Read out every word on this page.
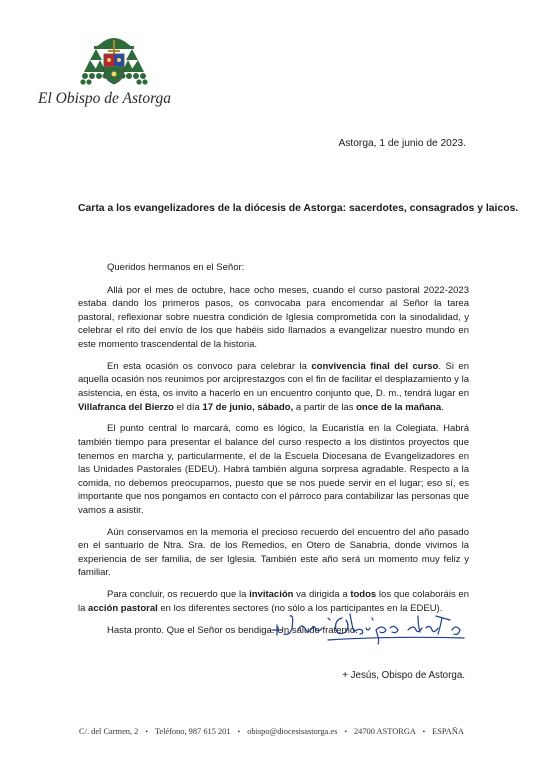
El Obispo de Astorga
Astorga, 1 de junio de 2023.
Carta a los evangelizadores de la diócesis de Astorga: sacerdotes, consagrados y laicos.

Queridos hermanos en el Señor:

Allá por el mes de octubre, hace ocho meses, cuando el curso pastoral 2022-2023 estaba dando los primeros pasos, os convocaba para encomendar al Señor la tarea pastoral, reflexionar sobre nuestra condición de Iglesia comprometida con la sinodalidad, y celebrar el rito del envío de los que habéis sido llamados a evangelizar nuestro mundo en este momento trascendental de la historia.

En esta ocasión os convoco para celebrar la convivencia final del curso. Si en aquella ocasión nos reunimos por arciprestazgos con el fin de facilitar el desplazamiento y la asistencia, en ésta, os invito a hacerlo en un encuentro conjunto que, D. m., tendrá lugar en Villafranca del Bierzo el día 17 de junio, sábado, a partir de las once de la mañana.

El punto central lo marcará, como es lógico, la Eucaristía en la Colegiata. Habrá también tiempo para presentar el balance del curso respecto a los distintos proyectos que tenemos en marcha y, particularmente, el de la Escuela Diocesana de Evangelizadores en las Unidades Pastorales (EDEU). Habrá también alguna sorpresa agradable. Respecto a la comida, no debemos preocuparnos, puesto que se nos puede servir en el lugar; eso sí, es importante que nos pongamos en contacto con el párroco para contabilizar las personas que vamos a asistir.

Aún conservamos en la memoria el precioso recuerdo del encuentro del año pasado en el santuario de Ntra. Sra. de los Remedios, en Otero de Sanabria, donde vivimos la experiencia de ser familia, de ser Iglesia. También este año será un momento muy feliz y familiar.

Para concluir, os recuerdo que la invitación va dirigida a todos los que colaboráis en la acción pastoral en los diferentes sectores (no sólo a los participantes en la EDEU).

Hasta pronto. Que el Señor os bendiga. Un saludo fraterno.

+ Jesús, Obispo de Astorga.
C/. del Carmen, 2 • Teléfono, 987 615 201 • obispo@diocesisastorga.es • 24700 ASTORGA • ESPAÑA
